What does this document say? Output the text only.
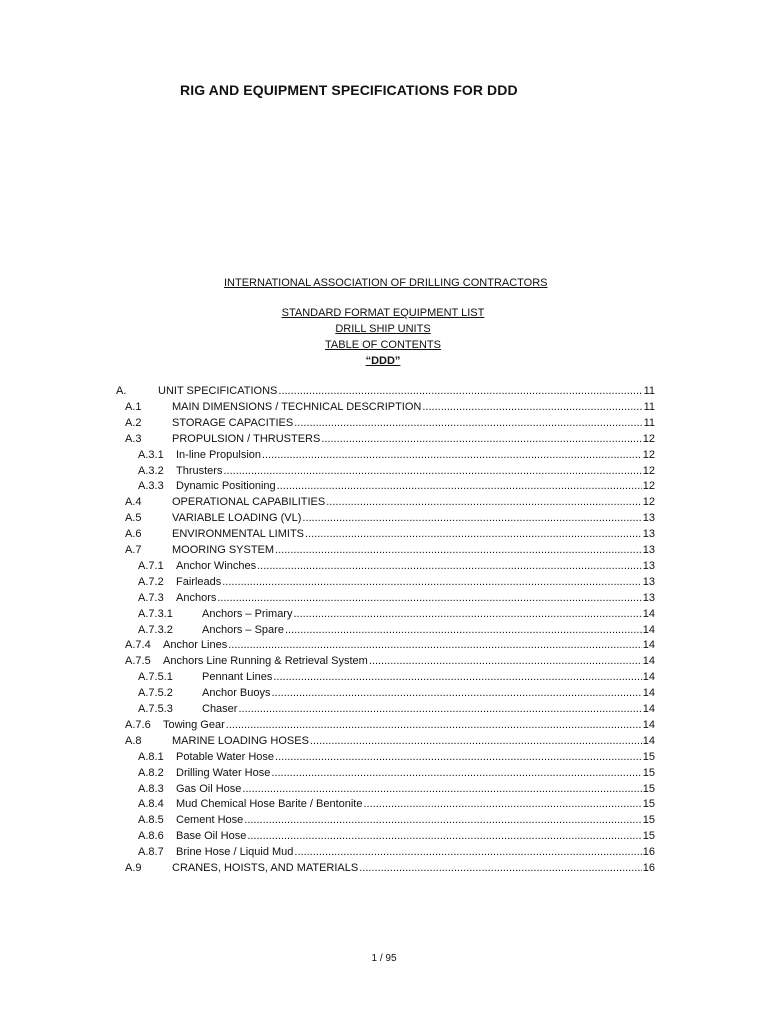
RIG AND EQUIPMENT SPECIFICATIONS FOR DDD
INTERNATIONAL ASSOCIATION OF DRILLING CONTRACTORS
STANDARD FORMAT EQUIPMENT LIST
DRILL SHIP UNITS
TABLE OF CONTENTS
“DDD”
A.	UNIT SPECIFICATIONS .....	11
A.1	MAIN DIMENSIONS / TECHNICAL DESCRIPTION .....	11
A.2	STORAGE CAPACITIES .....	11
A.3	PROPULSION / THRUSTERS .....	12
A.3.1	In-line Propulsion .....	12
A.3.2	Thrusters .....	12
A.3.3	Dynamic Positioning .....	12
A.4	OPERATIONAL CAPABILITIES .....	12
A.5	VARIABLE LOADING (VL) .....	13
A.6	ENVIRONMENTAL LIMITS .....	13
A.7	MOORING SYSTEM .....	13
A.7.1	Anchor Winches .....	13
A.7.2	Fairleads .....	13
A.7.3	Anchors .....	13
A.7.3.1	Anchors – Primary .....	14
A.7.3.2	Anchors – Spare .....	14
A.7.4	Anchor Lines .....	14
A.7.5	Anchors Line Running & Retrieval System .....	14
A.7.5.1	Pennant Lines .....	14
A.7.5.2	Anchor Buoys .....	14
A.7.5.3	Chaser .....	14
A.7.6	Towing Gear .....	14
A.8	MARINE LOADING HOSES .....	14
A.8.1	Potable Water Hose .....	15
A.8.2	Drilling Water Hose .....	15
A.8.3	Gas Oil Hose .....	15
A.8.4	Mud Chemical Hose Barite / Bentonite .....	15
A.8.5	Cement Hose .....	15
A.8.6	Base Oil Hose .....	15
A.8.7	Brine Hose / Liquid Mud .....	16
A.9	CRANES, HOISTS, AND MATERIALS .....	16
1 / 95
